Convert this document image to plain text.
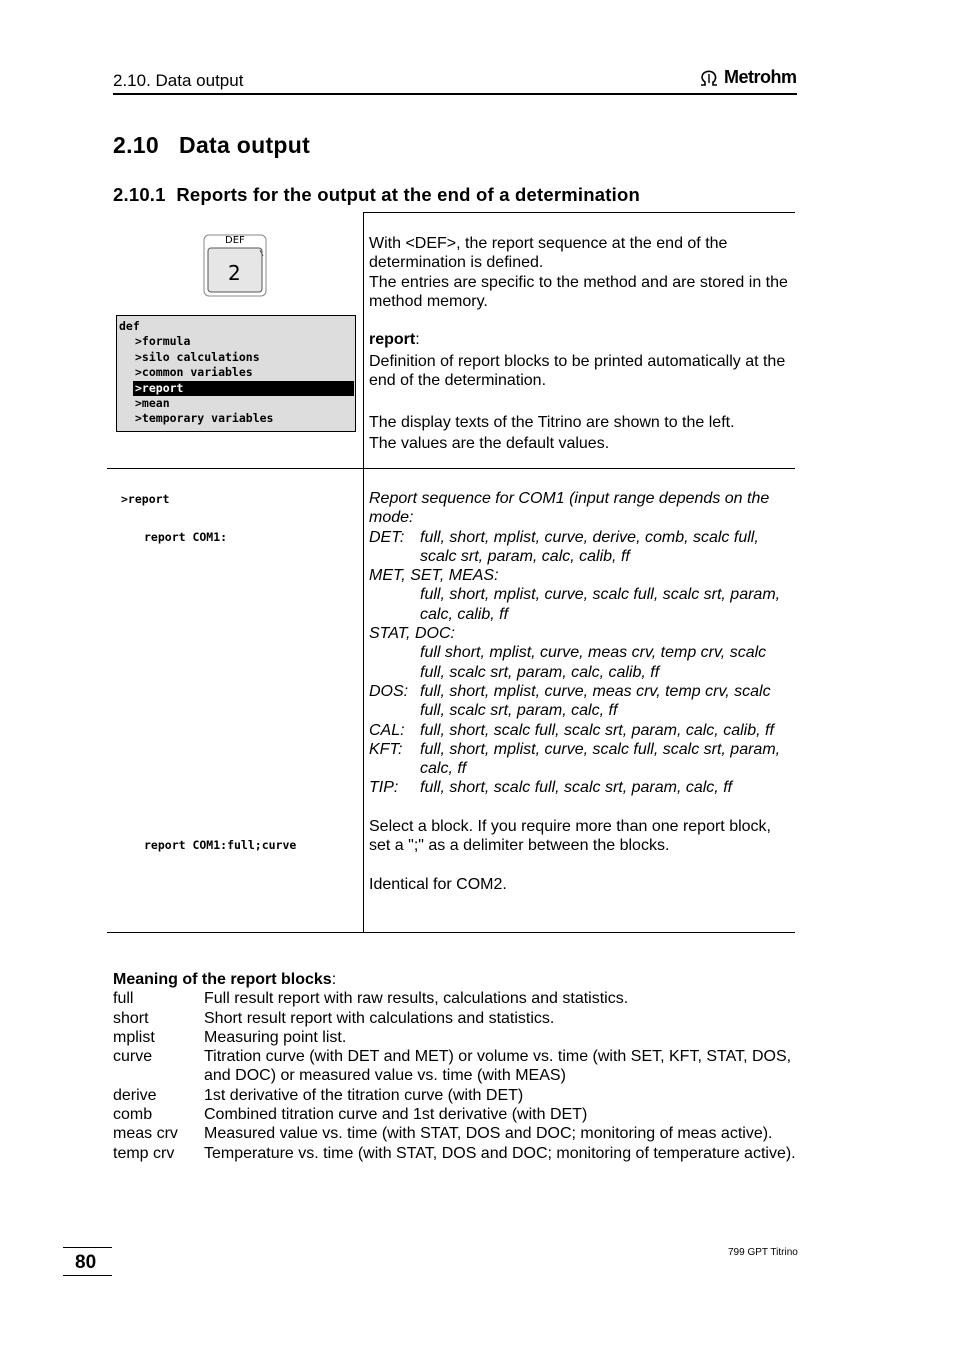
2.10. Data output	Metrohm
2.10   Data output
2.10.1  Reports for the output at the end of a determination
DEF
2
def
>formula
>silo calculations
>common variables
>report
>mean
>temporary variables
With <DEF>, the report sequence at the end of the determination is defined.
The entries are specific to the method and are stored in the method memory.
report:
Definition of report blocks to be printed automatically at the end of the determination.
The display texts of the Titrino are shown to the left.
The values are the default values.
>report
report COM1:
report COM1:full;curve
Report sequence for COM1 (input range depends on the mode:
DET: full, short, mplist, curve, derive, comb, scalc full, scalc srt, param, calc, calib, ff
MET, SET, MEAS:
full, short, mplist, curve, scalc full, scalc srt, param, calc, calib, ff
STAT, DOC:
full short, mplist, curve, meas crv, temp crv, scalc full, scalc srt, param, calc, calib, ff
DOS: full, short, mplist, curve, meas crv, temp crv, scalc full, scalc srt, param, calc, ff
CAL: full, short, scalc full, scalc srt, param, calc, calib, ff
KFT:	full, short, mplist, curve, scalc full, scalc srt, param, calc, ff
TIP:	full, short, scalc full, scalc srt, param, calc, ff
Select a block. If you require more than one report block, set a ";" as a delimiter between the blocks.
Identical for COM2.
Meaning of the report blocks:
full	Full result report with raw results, calculations and statistics.
short	Short result report with calculations and statistics.
mplist	Measuring point list.
curve	Titration curve (with DET and MET) or volume vs. time (with SET, KFT, STAT, DOS, and DOC) or measured value vs. time (with MEAS)
derive	1st derivative of the titration curve (with DET)
comb	Combined titration curve and 1st derivative (with DET)
meas crv	Measured value vs. time (with STAT, DOS and DOC; monitoring of meas active).
temp crv	Temperature vs. time (with STAT, DOS and DOC; monitoring of temperature active).
80	799 GPT Titrino
